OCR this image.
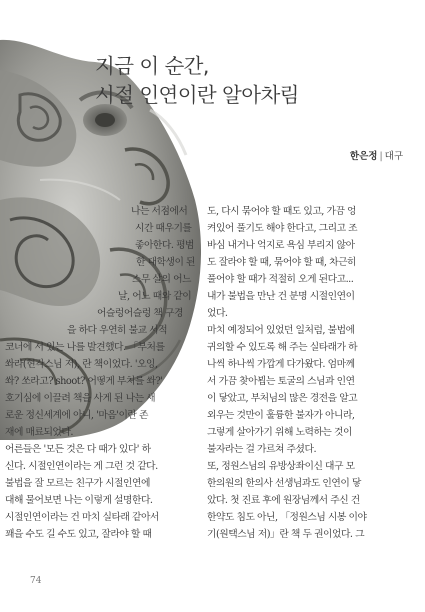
지금 이 순간,
시절 인연이란 알아차림
한은정 | 대구
나는 서점에서
시간 때우기를
좋아한다. 평범
한 대학생이 된
스무 살의 어느
날, 어느 때와 같이
어슬렁어슬렁 책 구경
을 하다 우연히 불교 서적
코너에 서 있는 나를 발견했다. 「부처를
쏴라(현각스님 저), 란 책이었다. '오잉,
쏴? 쏘라고? shoot? 어떻게 부처를 쏴?'
호기심에 이끌려 책을 사게 된 나는 새
로운 정신세계에 아니, '마음'이란 존
재에 매료되었다.
어른들은 '모든 것은 다 때가 있다' 하
신다. 시절인연이라는 게 그런 것 같다.
불법을 잘 모르는 친구가 시절인연에
대해 물어보면 나는 이렇게 설명한다.
시절인연이라는 건 마치 실타래 같아서
꽤을 수도 길 수도 있고, 잘라야 할 때
도, 다시 묶어야 할 때도 있고, 가끔 엉
켜있어 풀기도 해야 한다고, 그리고 조
바심 내거나 억지로 욕심 부리지 않아
도 잘라야 할 때, 묶어야 할 때, 차근히
풀어야 할 때가 적절히 오게 된다고...
내가 불법을 만난 건 분명 시절인연이
었다.
마치 예정되어 있었던 일처럼, 불법에
귀의할 수 있도록 해 주는 실타래가 하
나씩 하나씩 가깝게 다가왔다. 엄마께
서 가끔 찾아뵙는 토굴의 스님과 인연
이 닿았고, 부처님의 많은 경전을 알고
외우는 것만이 훌륭한 불자가 아니라,
그렇게 살아가기 위해 노력하는 것이
불자라는 걸 가르쳐 주셨다.
또, 정원스님의 유방상좌이신 대구 모
한의원의 한의사 선생님과도 인연이 닿
았다. 첫 진료 후에 원장님께서 주신 건
한약도 침도 아닌, 「정원스님 시봉 이야
기(원택스님 저)」란 책 두 권이었다. 그
74
